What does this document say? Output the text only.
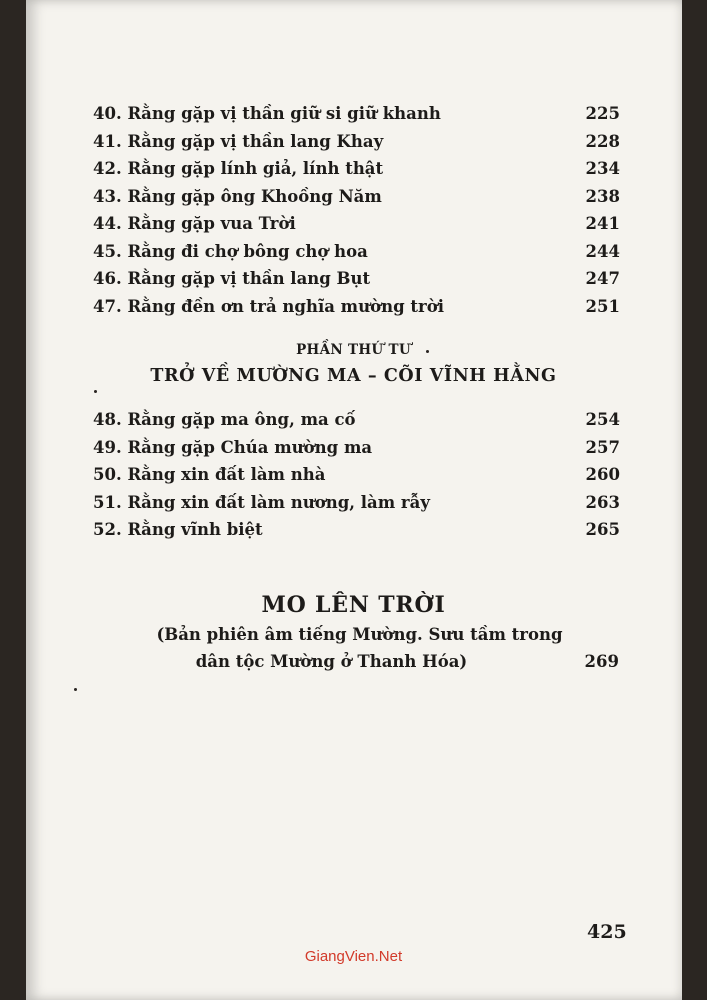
40. Rằng gặp vị thần giữ si giữ khanh	225
41. Rằng gặp vị thần lang Khay	228
42. Rằng gặp lính giả, lính thật	234
43. Rằng gặp ông Khoồng Năm	238
44. Rằng gặp vua Trời	241
45. Rằng đi chợ bông chợ hoa	244
46. Rằng gặp vị thần lang Bụt	247
47. Rằng đền ơn trả nghĩa mường trời	251
PHẦN THỨ TƯ
TRỞ VỀ MƯỜNG MA – CÕI VĨNH HẰNG
48. Rằng gặp ma ông, ma cố	254
49. Rằng gặp Chúa mường ma	257
50. Rằng xin đất làm nhà	260
51. Rằng xin đất làm nương, làm rẫy	263
52. Rằng vĩnh biệt	265
MO LÊN TRỜI
(Bản phiên âm tiếng Mường. Sưu tầm trong
dân tộc Mường ở Thanh Hóa)	269
425
GiangVien.Net
